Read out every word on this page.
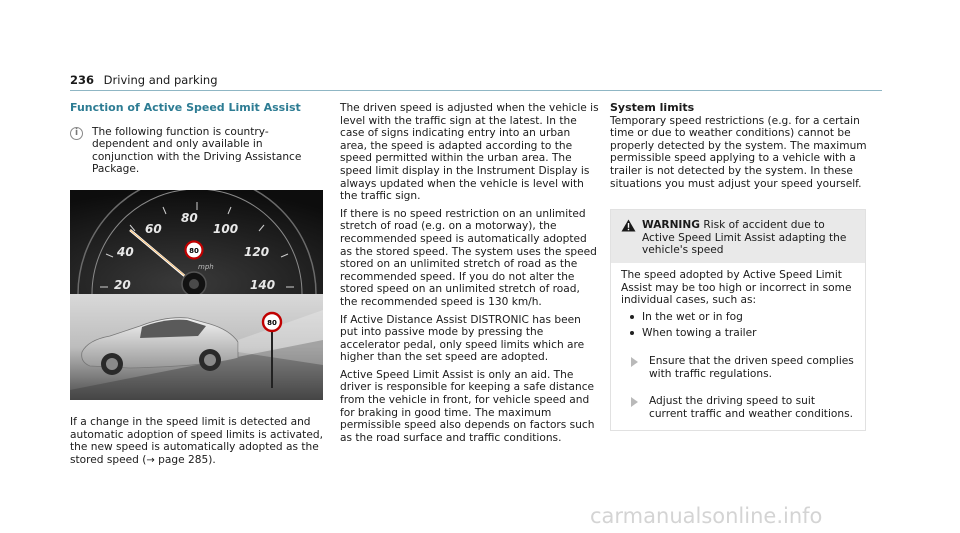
236 Driving and parking
Function of Active Speed Limit Assist
i	The following function is country-dependent and only available in conjunction with the Driving Assistance Package.
20
40
60
80
100
120
140
80
mph
80

If a change in the speed limit is detected and automatic adoption of speed limits is activated, the new speed is automatically adopted as the stored speed (→ page 285).

The driven speed is adjusted when the vehicle is level with the traffic sign at the latest. In the case of signs indicating entry into an urban area, the speed is adapted according to the speed permitted within the urban area. The speed limit display in the Instrument Display is always updated when the vehicle is level with the traffic sign.

If there is no speed restriction on an unlimited stretch of road (e.g. on a motorway), the recommended speed is automatically adopted as the stored speed. The system uses the speed stored on an unlimited stretch of road as the recommended speed. If you do not alter the stored speed on an unlimited stretch of road, the recommended speed is 130 km/h.

If Active Distance Assist DISTRONIC has been put into passive mode by pressing the accelerator pedal, only speed limits which are higher than the set speed are adopted.

Active Speed Limit Assist is only an aid. The driver is responsible for keeping a safe distance from the vehicle in front, for vehicle speed and for braking in good time. The maximum permissible speed also depends on factors such as the road surface and traffic conditions.

System limits

Temporary speed restrictions (e.g. for a certain time or due to weather conditions) cannot be properly detected by the system. The maximum permissible speed applying to a vehicle with a trailer is not detected by the system. In these situations you must adjust your speed yourself.

WARNING Risk of accident due to Active Speed Limit Assist adapting the vehicle's speed
The speed adopted by Active Speed Limit Assist may be too high or incorrect in some individual cases, such as:
In the wet or in fog
When towing a trailer
Ensure that the driven speed complies with traffic regulations.
Adjust the driving speed to suit current traffic and weather conditions.
carmanualsonline.info
